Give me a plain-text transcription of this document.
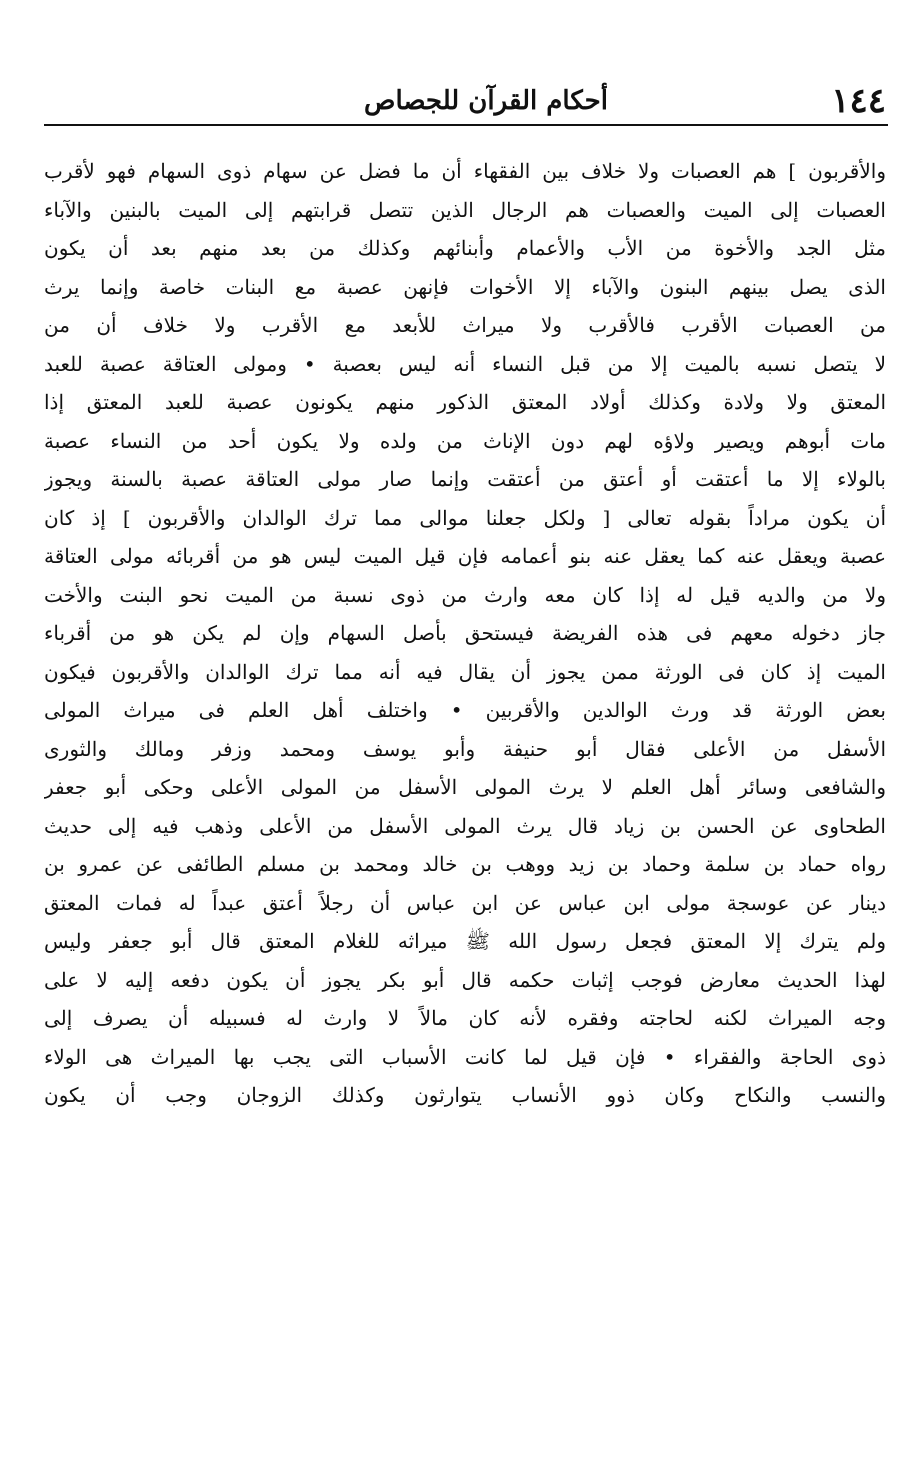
١٤٤
أحكام القرآن للجصاص
والأقربون ] هم العصبات ولا خلاف بين الفقهاء أن ما فضل عن سهام ذوى السهام فهو لأقرب
العصبات إلى الميت والعصبات هم الرجال الذين تتصل قرابتهم إلى الميت بالبنين والآباء
مثل الجد والأخوة من الأب والأعمام وأبنائهم وكذلك من بعد منهم بعد أن يكون
الذى يصل بينهم البنون والآباء إلا الأخوات فإنهن عصبة مع البنات خاصة وإنما يرث
من العصبات الأقرب فالأقرب ولا ميراث للأبعد مع الأقرب ولا خلاف أن من
لا يتصل نسبه بالميت إلا من قبل النساء أنه ليس بعصبة • ومولى العتاقة عصبة للعبد
المعتق ولا ولادة وكذلك أولاد المعتق الذكور منهم يكونون عصبة للعبد المعتق إذا
مات أبوهم ويصير ولاؤه لهم دون الإناث من ولده ولا يكون أحد من النساء عصبة
بالولاء إلا ما أعتقت أو أعتق من أعتقت وإنما صار مولى العتاقة عصبة بالسنة ويجوز
أن يكون مراداً بقوله تعالى [ ولكل جعلنا موالى مما ترك الوالدان والأقربون ] إذ كان
عصبة ويعقل عنه كما يعقل عنه بنو أعمامه فإن قيل الميت ليس هو من أقربائه مولى العتاقة
ولا من والديه قيل له إذا كان معه وارث من ذوى نسبة من الميت نحو البنت والأخت
جاز دخوله معهم فى هذه الفريضة فيستحق بأصل السهام وإن لم يكن هو من أقرباء
الميت إذ كان فى الورثة ممن يجوز أن يقال فيه أنه مما ترك الوالدان والأقربون فيكون
بعض الورثة قد ورث الوالدين والأقربين • واختلف أهل العلم فى ميراث المولى
الأسفل من الأعلى فقال أبو حنيفة وأبو يوسف ومحمد وزفر ومالك والثورى
والشافعى وسائر أهل العلم لا يرث المولى الأسفل من المولى الأعلى وحكى أبو جعفر
الطحاوى عن الحسن بن زياد قال يرث المولى الأسفل من الأعلى وذهب فيه إلى حديث
رواه حماد بن سلمة وحماد بن زيد ووهب بن خالد ومحمد بن مسلم الطائفى عن عمرو بن
دينار عن عوسجة مولى ابن عباس عن ابن عباس أن رجلاً أعتق عبداً له فمات المعتق
ولم يترك إلا المعتق فجعل رسول الله ﷺ ميراثه للغلام المعتق قال أبو جعفر وليس
لهذا الحديث معارض فوجب إثبات حكمه قال أبو بكر يجوز أن يكون دفعه إليه لا على
وجه الميراث لكنه لحاجته وفقره لأنه كان مالاً لا وارث له فسبيله أن يصرف إلى
ذوى الحاجة والفقراء • فإن قيل لما كانت الأسباب التى يجب بها الميراث هى الولاء
والنسب والنكاح وكان ذوو الأنساب يتوارثون وكذلك الزوجان وجب أن يكون
